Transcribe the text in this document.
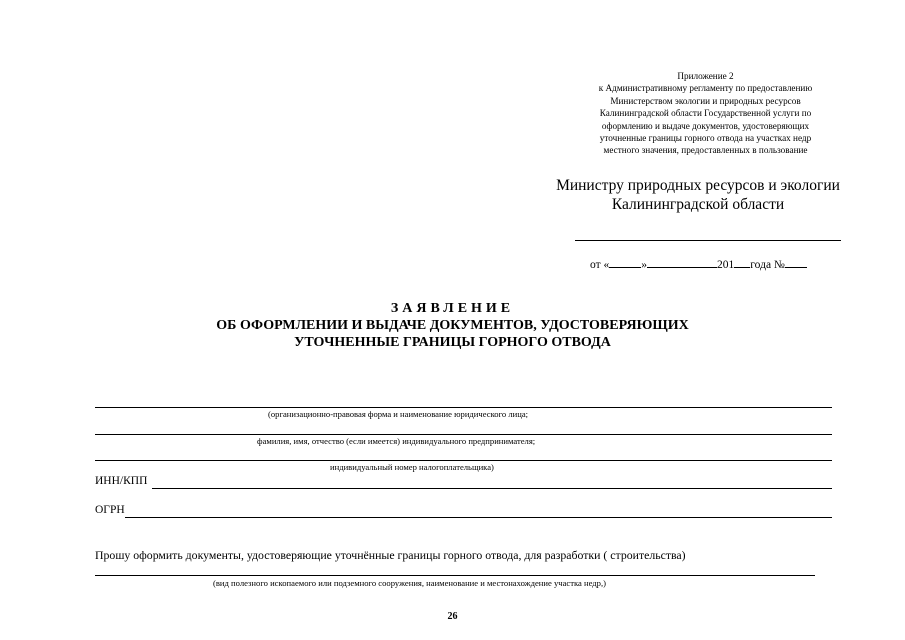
Приложение 2
к Административному регламенту по предоставлению
Министерством экологии и природных ресурсов
Калининградской области Государственной услуги по
оформлению и выдаче документов, удостоверяющих
уточненные границы горного отвода на участках недр
местного значения, предоставленных в пользование
Министру природных ресурсов и экологии
Калининградской области
от «	»	201 года №
ЗАЯВЛЕНИЕ
ОБ ОФОРМЛЕНИИ И ВЫДАЧЕ ДОКУМЕНТОВ, УДОСТОВЕРЯЮЩИХ
УТОЧНЕННЫЕ ГРАНИЦЫ ГОРНОГО ОТВОДА
(организационно-правовая форма и наименование юридического лица;
фамилия, имя, отчество (если имеется) индивидуального предпринимателя;
индивидуальный номер налогоплательщика)
ИНН/КПП
ОГРН
Прошу оформить документы, удостоверяющие уточнённые границы горного отвода, для разработки ( строительства)
(вид полезного ископаемого или подземного сооружения, наименование и местонахождение участка недр,)
26
